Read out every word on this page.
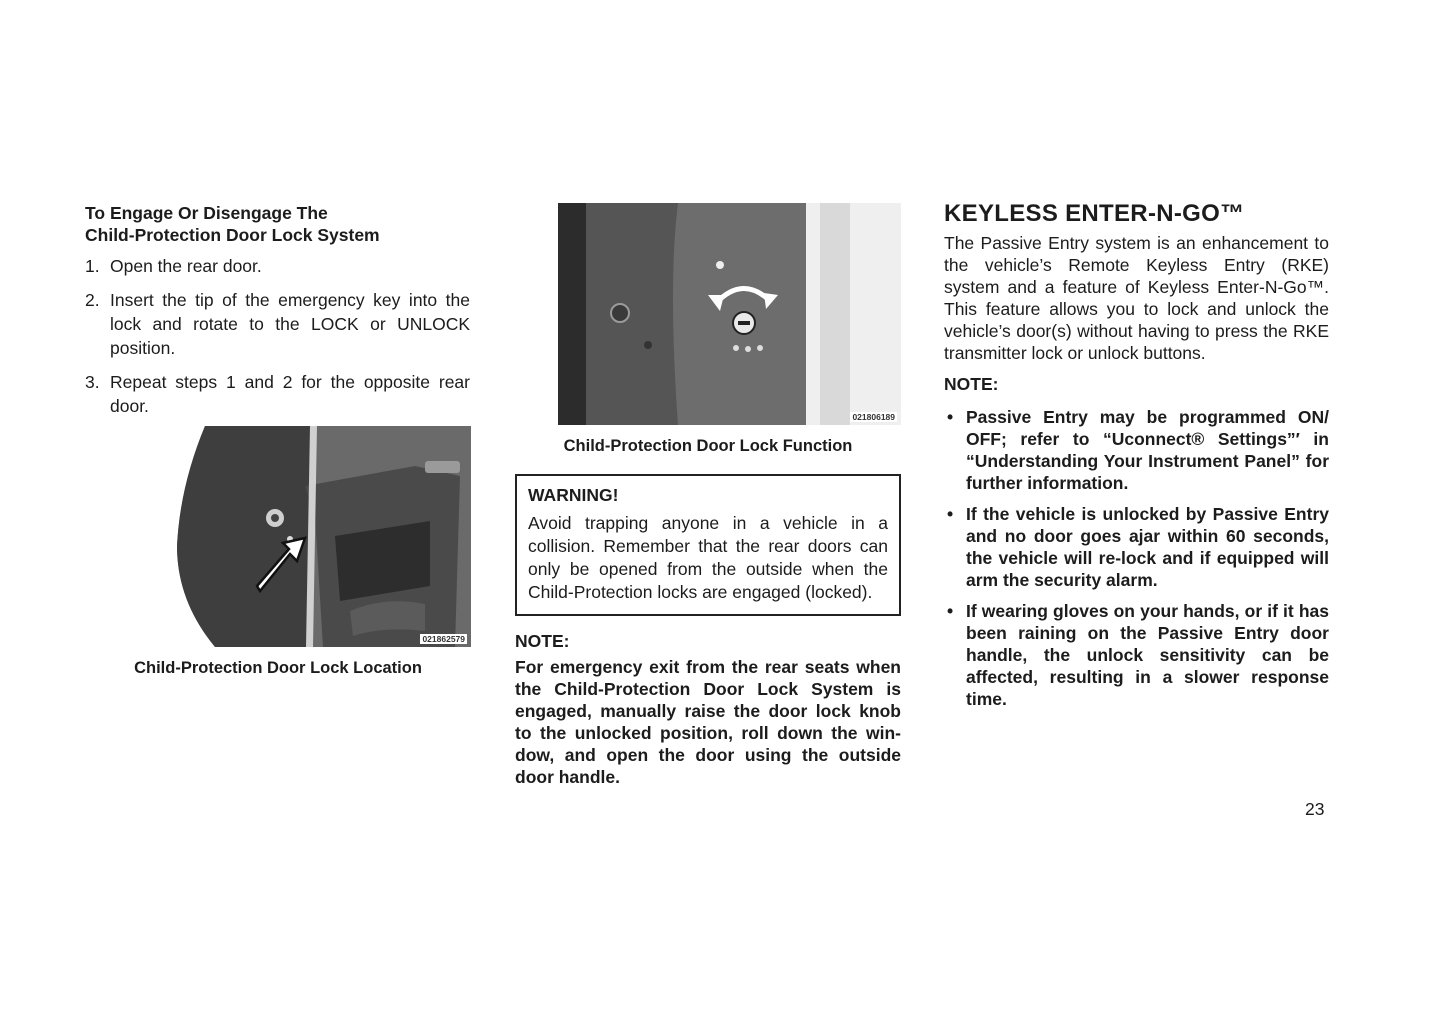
To Engage Or Disengage The
Child-Protection Door Lock System
1. Open the rear door.
2. Insert the tip of the emergency key into the lock and rotate to the LOCK or UNLOCK position.
3. Repeat steps 1 and 2 for the opposite rear door.
021862579
Child-Protection Door Lock Location
021806189
Child-Protection Door Lock Function
WARNING!
Avoid trapping anyone in a vehicle in a collision. Remember that the rear doors can only be opened from the outside when the Child-Protection locks are engaged (locked).
NOTE:
For emergency exit from the rear seats when the Child-Protection Door Lock System is engaged, manually raise the door lock knob to the unlocked position, roll down the win-dow, and open the door using the outside door handle.
KEYLESS ENTER-N-GO™
The Passive Entry system is an enhancement to the vehicle’s Remote Keyless Entry (RKE) system and a feature of Keyless Enter-N-Go™. This feature allows you to lock and unlock the vehicle’s door(s) without having to press the RKE transmitter lock or unlock buttons.
NOTE:
• Passive Entry may be programmed ON/ OFF; refer to “Uconnect® Settings”′ in “Understanding Your Instrument Panel” for further information.
• If the vehicle is unlocked by Passive Entry and no door goes ajar within 60 seconds, the vehicle will re-lock and if equipped will arm the security alarm.
• If wearing gloves on your hands, or if it has been raining on the Passive Entry door handle, the unlock sensitivity can be affected, resulting in a slower response time.
23
